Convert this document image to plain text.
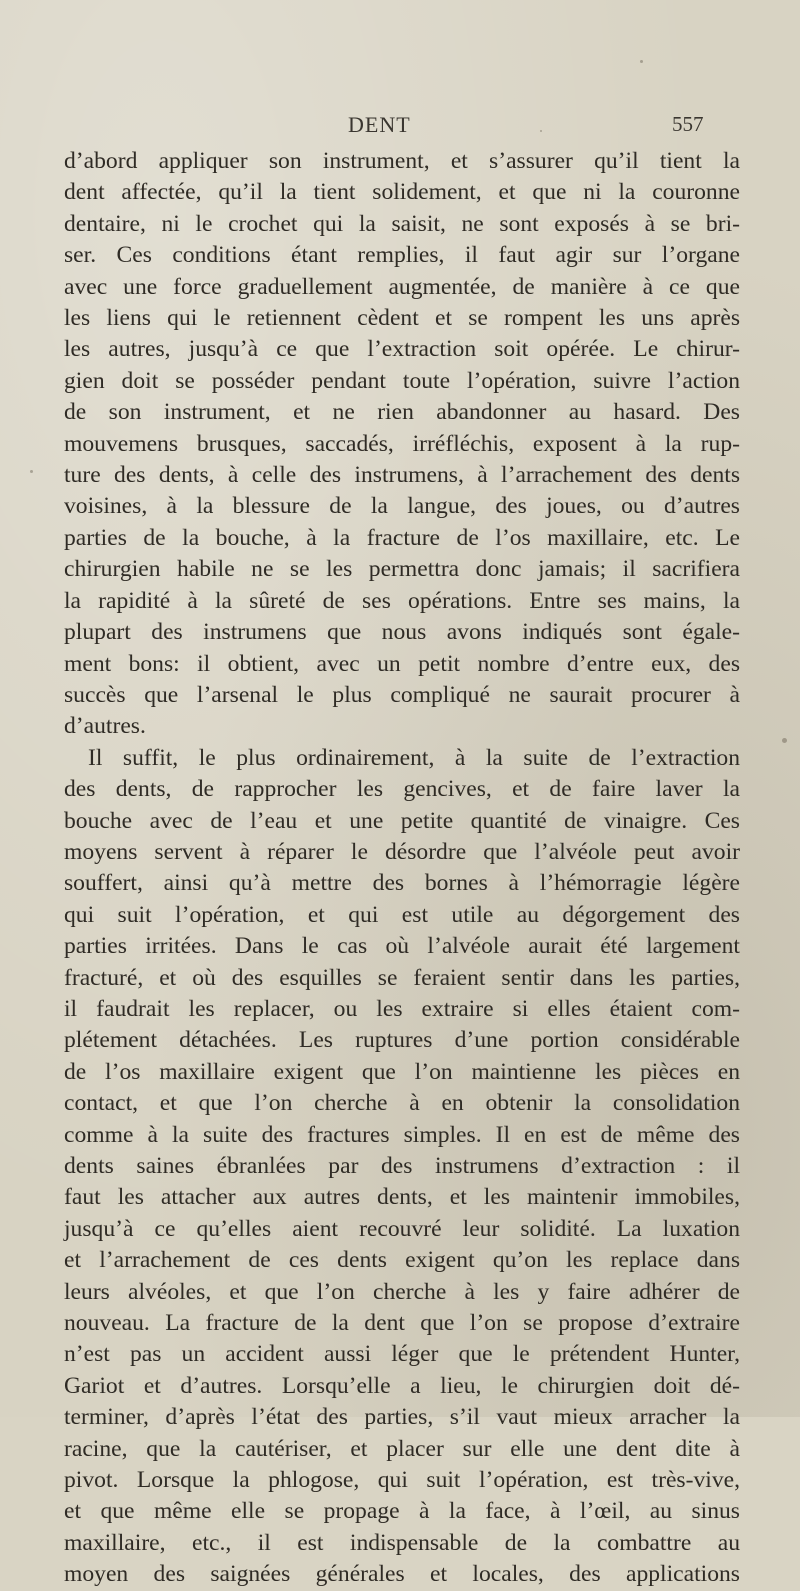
DENT	557
d’abord appliquer son instrument, et s’assurer qu’il tient la
dent affectée, qu’il la tient solidement, et que ni la couronne
dentaire, ni le crochet qui la saisit, ne sont exposés à se bri-
ser. Ces conditions étant remplies, il faut agir sur l’organe
avec une force graduellement augmentée, de manière à ce que
les liens qui le retiennent cèdent et se rompent les uns après
les autres, jusqu’à ce que l’extraction soit opérée. Le chirur-
gien doit se posséder pendant toute l’opération, suivre l’action
de son instrument, et ne rien abandonner au hasard. Des
mouvemens brusques, saccadés, irréfléchis, exposent à la rup-
ture des dents, à celle des instrumens, à l’arrachement des dents
voisines, à la blessure de la langue, des joues, ou d’autres
parties de la bouche, à la fracture de l’os maxillaire, etc. Le
chirurgien habile ne se les permettra donc jamais; il sacrifiera
la rapidité à la sûreté de ses opérations. Entre ses mains, la
plupart des instrumens que nous avons indiqués sont égale-
ment bons: il obtient, avec un petit nombre d’entre eux, des
succès que l’arsenal le plus compliqué ne saurait procurer à
d’autres.
Il suffit, le plus ordinairement, à la suite de l’extraction
des dents, de rapprocher les gencives, et de faire laver la
bouche avec de l’eau et une petite quantité de vinaigre. Ces
moyens servent à réparer le désordre que l’alvéole peut avoir
souffert, ainsi qu’à mettre des bornes à l’hémorragie légère
qui suit l’opération, et qui est utile au dégorgement des
parties irritées. Dans le cas où l’alvéole aurait été largement
fracturé, et où des esquilles se feraient sentir dans les parties,
il faudrait les replacer, ou les extraire si elles étaient com-
plétement détachées. Les ruptures d’une portion considérable
de l’os maxillaire exigent que l’on maintienne les pièces en
contact, et que l’on cherche à en obtenir la consolidation
comme à la suite des fractures simples. Il en est de même des
dents saines ébranlées par des instrumens d’extraction : il
faut les attacher aux autres dents, et les maintenir immobiles,
jusqu’à ce qu’elles aient recouvré leur solidité. La luxation
et l’arrachement de ces dents exigent qu’on les replace dans
leurs alvéoles, et que l’on cherche à les y faire adhérer de
nouveau. La fracture de la dent que l’on se propose d’extraire
n’est pas un accident aussi léger que le prétendent Hunter,
Gariot et d’autres. Lorsqu’elle a lieu, le chirurgien doit dé-
terminer, d’après l’état des parties, s’il vaut mieux arracher la
racine, que la cautériser, et placer sur elle une dent dite à
pivot. Lorsque la phlogose, qui suit l’opération, est très-vive,
et que même elle se propage à la face, à l’œil, au sinus
maxillaire, etc., il est indispensable de la combattre au
moyen des saignées générales et locales, des applications
